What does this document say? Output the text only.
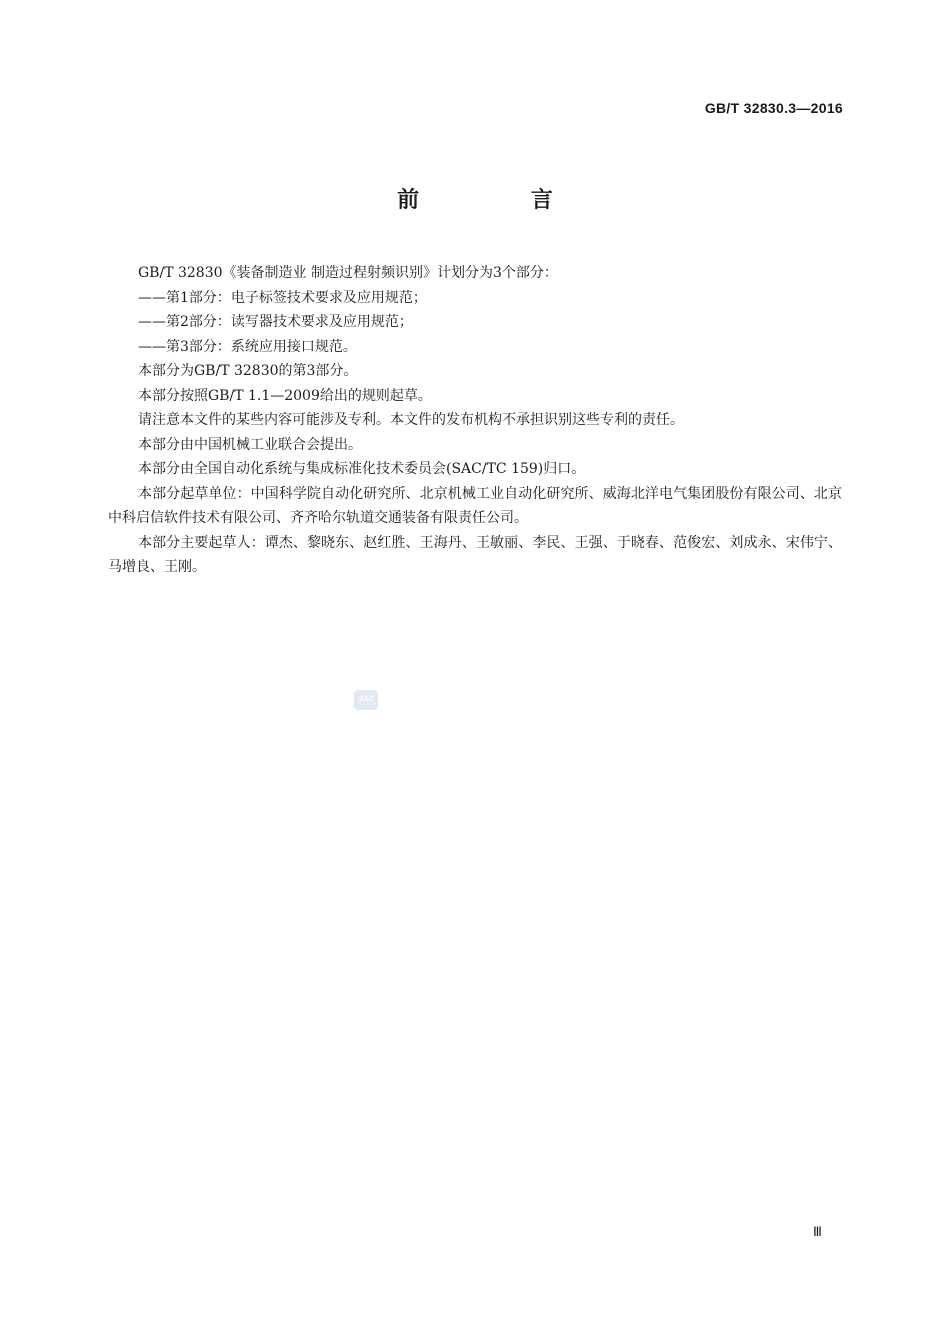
GB/T 32830.3—2016
前 言

GB/T 32830《装备制造业 制造过程射频识别》计划分为3个部分：

——第1部分：电子标签技术要求及应用规范；

——第2部分：读写器技术要求及应用规范；

——第3部分：系统应用接口规范。

本部分为GB/T 32830的第3部分。

本部分按照GB/T 1.1—2009给出的规则起草。

请注意本文件的某些内容可能涉及专利。本文件的发布机构不承担识别这些专利的责任。

本部分由中国机械工业联合会提出。

本部分由全国自动化系统与集成标准化技术委员会(SAC/TC 159)归口。

本部分起草单位：中国科学院自动化研究所、北京机械工业自动化研究所、威海北洋电气集团股份有限公司、北京中科启信软件技术有限公司、齐齐哈尔轨道交通装备有限责任公司。

本部分主要起草人：谭杰、黎晓东、赵红胜、王海丹、王敏丽、李民、王强、于晓春、范俊宏、刘成永、宋伟宁、马增良、王刚。

SAC
Ⅲ
